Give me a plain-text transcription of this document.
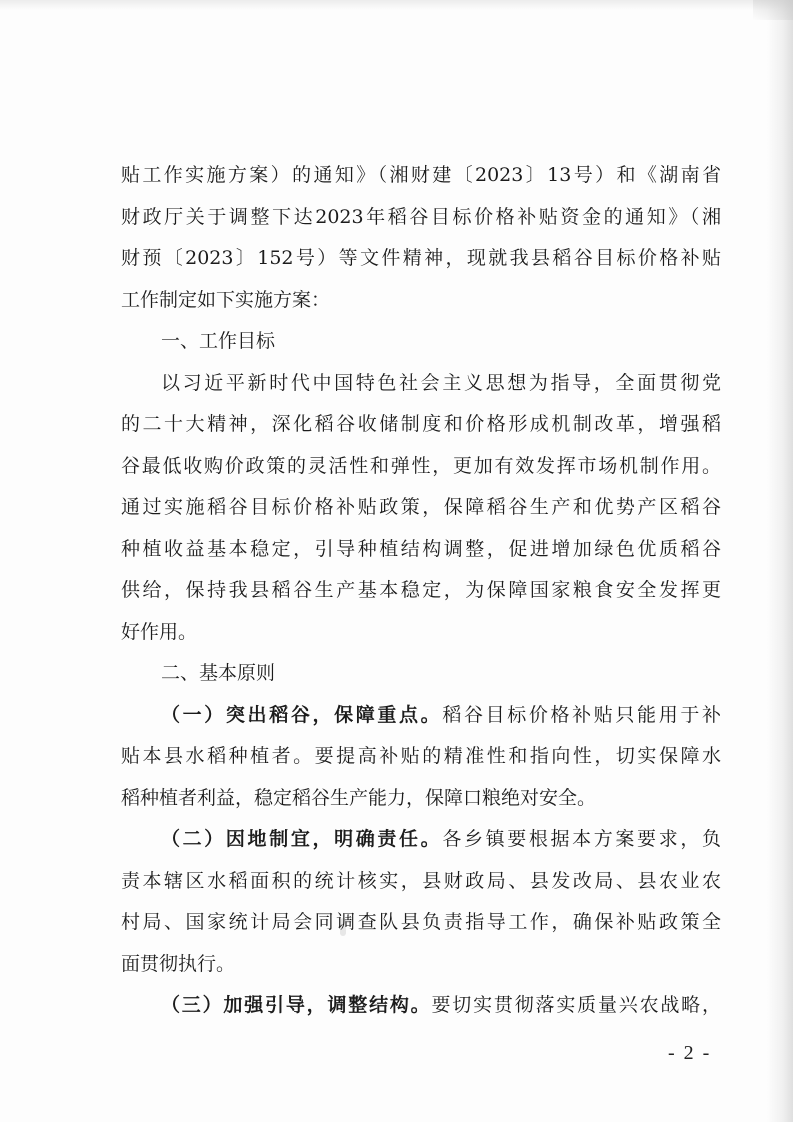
贴工作实施方案）的通知》（湘财建〔2023〕13号）和《湖南省
财政厅关于调整下达2023年稻谷目标价格补贴资金的通知》（湘
财预〔2023〕152号）等文件精神，现就我县稻谷目标价格补贴
工作制定如下实施方案：
一、工作目标
以习近平新时代中国特色社会主义思想为指导，全面贯彻党
的二十大精神，深化稻谷收储制度和价格形成机制改革，增强稻
谷最低收购价政策的灵活性和弹性，更加有效发挥市场机制作用。
通过实施稻谷目标价格补贴政策，保障稻谷生产和优势产区稻谷
种植收益基本稳定，引导种植结构调整，促进增加绿色优质稻谷
供给，保持我县稻谷生产基本稳定，为保障国家粮食安全发挥更
好作用。
二、基本原则
（一）突出稻谷，保障重点。稻谷目标价格补贴只能用于补
贴本县水稻种植者。要提高补贴的精准性和指向性，切实保障水
稻种植者利益，稳定稻谷生产能力，保障口粮绝对安全。
（二）因地制宜，明确责任。各乡镇要根据本方案要求，负
责本辖区水稻面积的统计核实，县财政局、县发改局、县农业农
村局、国家统计局会同调查队县负责指导工作，确保补贴政策全
面贯彻执行。
（三）加强引导，调整结构。要切实贯彻落实质量兴农战略，
- 2 -
